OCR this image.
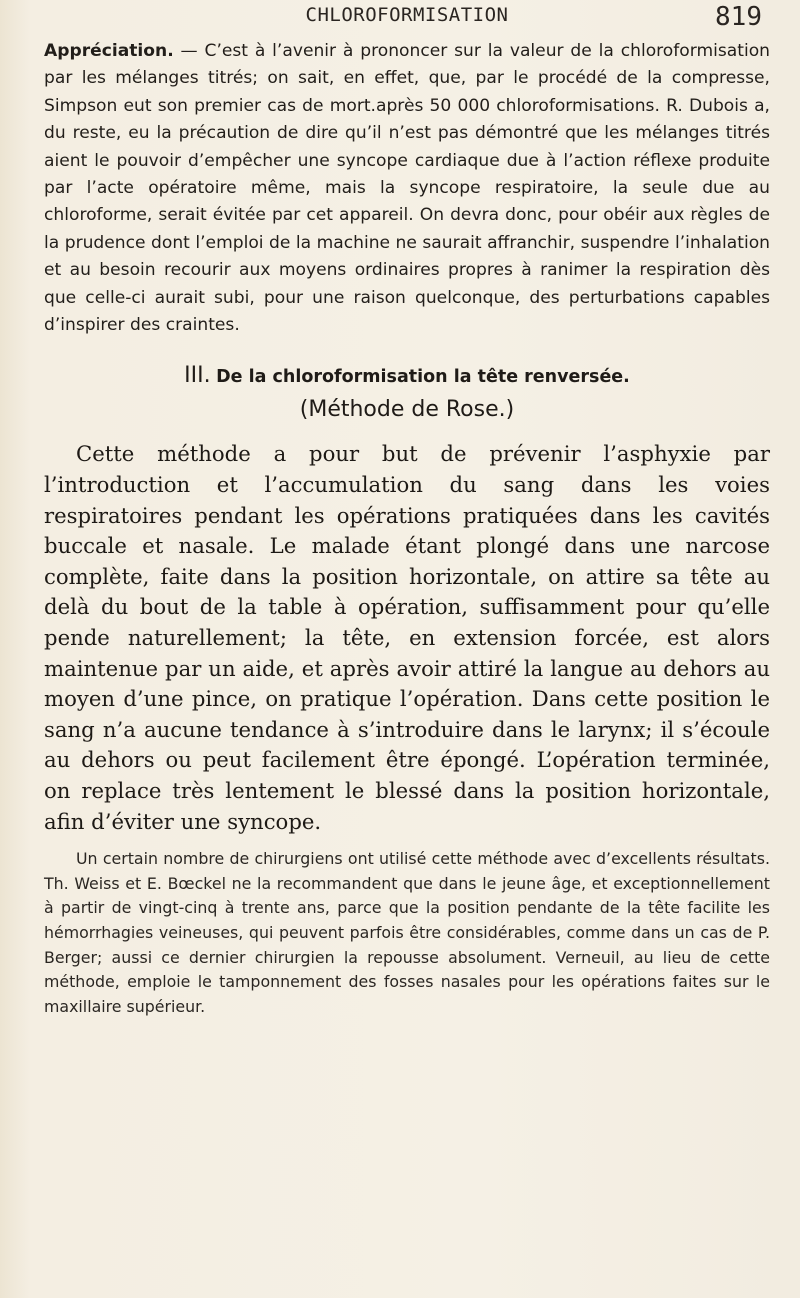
CHLOROFORMISATION	819

Appréciation. — C’est à l’avenir à prononcer sur la valeur de la chloroformisation par les mélanges titrés; on sait, en effet, que, par le procédé de la compresse, Simpson eut son premier cas de mort.après 50 000 chloroformisations. R. Dubois a, du reste, eu la précaution de dire qu’il n’est pas démontré que les mélanges titrés aient le pouvoir d’empêcher une syncope cardiaque due à l’action réflexe produite par l’acte opératoire même, mais la syncope respiratoire, la seule due au chloroforme, serait évitée par cet appareil. On devra donc, pour obéir aux règles de la prudence dont l’emploi de la machine ne saurait affranchir, suspendre l’inhalation et au besoin recourir aux moyens ordinaires propres à ranimer la respiration dès que celle-ci aurait subi, pour une raison quelconque, des perturbations capables d’inspirer des craintes.

III. De la chloroformisation la tête renversée.
(Méthode de Rose.)

Cette méthode a pour but de prévenir l’asphyxie par l’introduction et l’accumulation du sang dans les voies respiratoires pendant les opérations pratiquées dans les cavités buccale et nasale. Le malade étant plongé dans une narcose complète, faite dans la position horizontale, on attire sa tête au delà du bout de la table à opération, suffisamment pour qu’elle pende naturellement; la tête, en extension forcée, est alors maintenue par un aide, et après avoir attiré la langue au dehors au moyen d’une pince, on pratique l’opération. Dans cette position le sang n’a aucune tendance à s’introduire dans le larynx; il s’écoule au dehors ou peut facilement être épongé. L’opération terminée, on replace très lentement le blessé dans la position horizontale, afin d’éviter une syncope.

Un certain nombre de chirurgiens ont utilisé cette méthode avec d’excellents résultats. Th. Weiss et E. Bœckel ne la recommandent que dans le jeune âge, et exceptionnellement à partir de vingt-cinq à trente ans, parce que la position pendante de la tête facilite les hémorrhagies veineuses, qui peuvent parfois être considérables, comme dans un cas de P. Berger; aussi ce dernier chirurgien la repousse absolument. Verneuil, au lieu de cette méthode, emploie le tamponnement des fosses nasales pour les opérations faites sur le maxillaire supérieur.
